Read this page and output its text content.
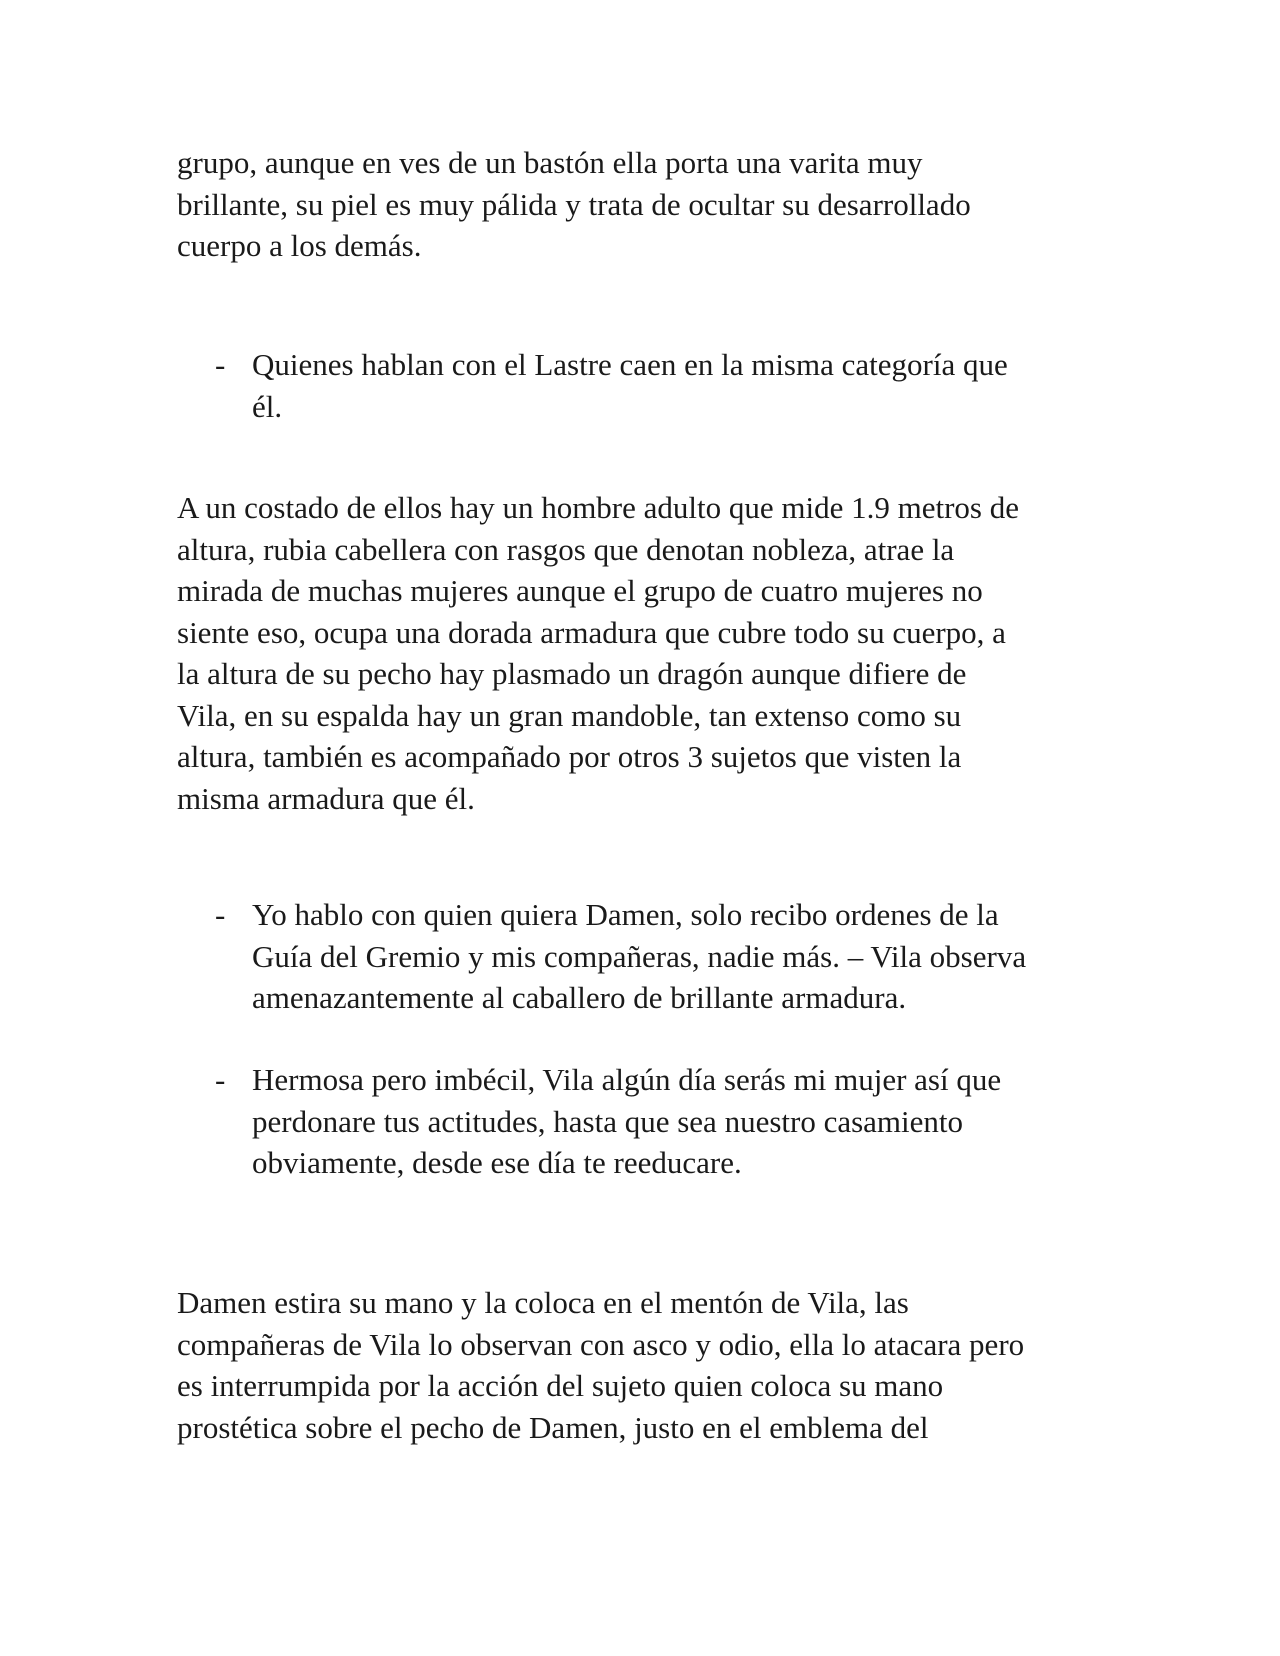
grupo, aunque en ves de un bastón ella porta una varita muy
brillante, su piel es muy pálida y trata de ocultar su desarrollado
cuerpo a los demás.

- Quienes hablan con el Lastre caen en la misma categoría que
él.

A un costado de ellos hay un hombre adulto que mide 1.9 metros de
altura, rubia cabellera con rasgos que denotan nobleza, atrae la
mirada de muchas mujeres aunque el grupo de cuatro mujeres no
siente eso, ocupa una dorada armadura que cubre todo su cuerpo, a
la altura de su pecho hay plasmado un dragón aunque difiere de
Vila, en su espalda hay un gran mandoble, tan extenso como su
altura, también es acompañado por otros 3 sujetos que visten la
misma armadura que él.

- Yo hablo con quien quiera Damen, solo recibo ordenes de la
Guía del Gremio y mis compañeras, nadie más. – Vila observa
amenazantemente al caballero de brillante armadura.
- Hermosa pero imbécil, Vila algún día serás mi mujer así que
perdonare tus actitudes, hasta que sea nuestro casamiento
obviamente, desde ese día te reeducare.

Damen estira su mano y la coloca en el mentón de Vila, las
compañeras de Vila lo observan con asco y odio, ella lo atacara pero
es interrumpida por la acción del sujeto quien coloca su mano
prostética sobre el pecho de Damen, justo en el emblema del
